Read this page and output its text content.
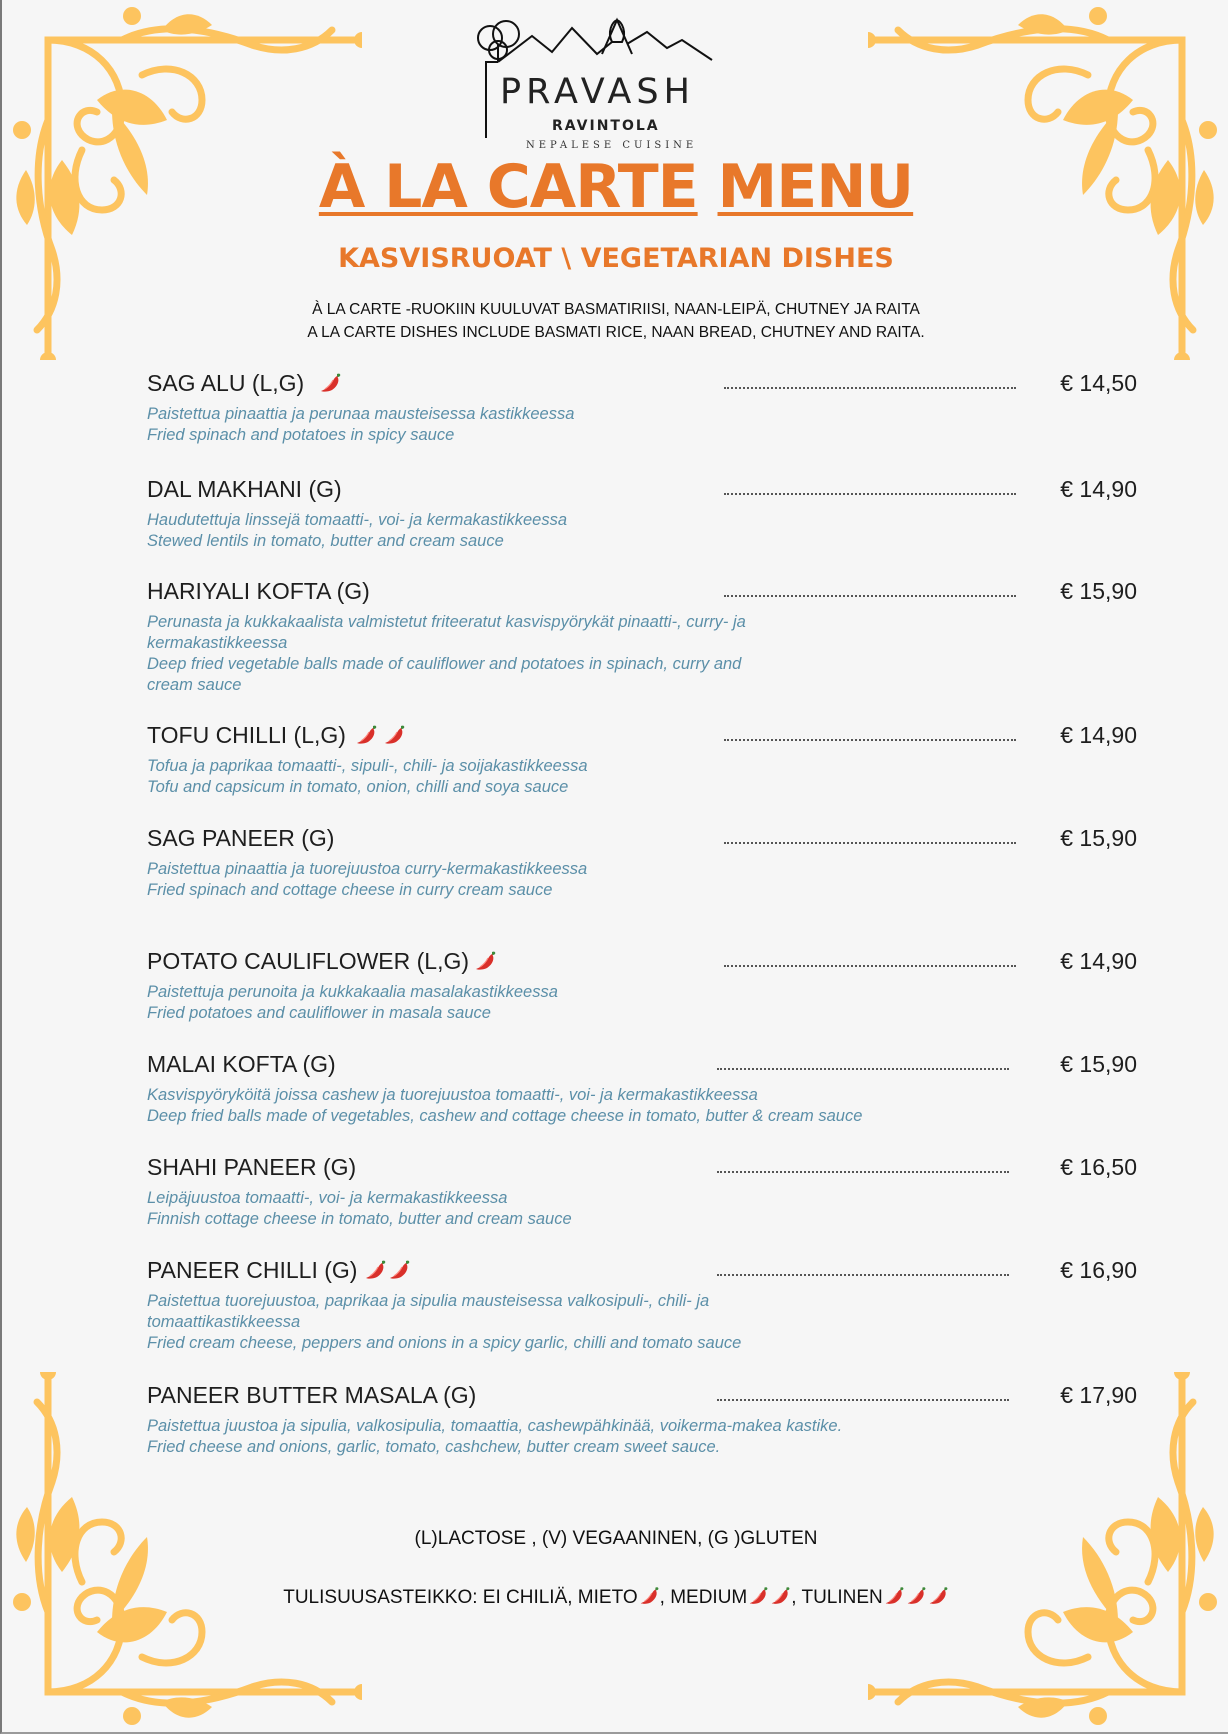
PRAVASH
RAVINTOLA
NEPALESE CUISINE
À LA CARTE MENU
KASVISRUOAT \ VEGETARIAN DISHES
À LA CARTE -RUOKIIN KUULUVAT BASMATIRIISI, NAAN-LEIPÄ, CHUTNEY JA RAITA
A LA CARTE DISHES INCLUDE BASMATI RICE, NAAN BREAD, CHUTNEY AND RAITA.
SAG ALU (L,G)	€ 14,50
Paistettua pinaattia ja perunaa mausteisessa kastikkeessa
Fried spinach and potatoes in spicy sauce
DAL MAKHANI (G)	€ 14,90
Haudutettuja linssejä tomaatti-, voi- ja kermakastikkeessa
Stewed lentils in tomato, butter and cream sauce
HARIYALI KOFTA (G)	€ 15,90
Perunasta ja kukkakaalista valmistetut friteeratut kasvispyörykät pinaatti-, curry- ja kermakastikkeessa
Deep fried vegetable balls made of cauliflower and potatoes in spinach, curry and cream sauce
TOFU CHILLI (L,G)	€ 14,90
Tofua ja paprikaa tomaatti-, sipuli-, chili- ja soijakastikkeessa
Tofu and capsicum in tomato, onion, chilli and soya sauce
SAG PANEER (G)	€ 15,90
Paistettua pinaattia ja tuorejuustoa curry-kermakastikkeessa
Fried spinach and cottage cheese in curry cream sauce
POTATO CAULIFLOWER (L,G)	€ 14,90
Paistettuja perunoita ja kukkakaalia masalakastikkeessa
Fried potatoes and cauliflower in masala sauce
MALAI KOFTA (G)	€ 15,90
Kasvispyöryköitä joissa cashew ja tuorejuustoa tomaatti-, voi- ja kermakastikkeessa
Deep fried balls made of vegetables, cashew and cottage cheese in tomato, butter & cream sauce
SHAHI PANEER (G)	€ 16,50
Leipäjuustoa tomaatti-, voi- ja kermakastikkeessa
Finnish cottage cheese in tomato, butter and cream sauce
PANEER CHILLI (G)	€ 16,90
Paistettua tuorejuustoa, paprikaa ja sipulia mausteisessa valkosipuli-, chili- ja tomaattikastikkeessa
Fried cream cheese, peppers and onions in a spicy garlic, chilli and tomato sauce
PANEER BUTTER MASALA (G)	€ 17,90
Paistettua juustoa ja sipulia, valkosipulia, tomaattia, cashewpähkinää, voikerma-makea kastike.
Fried cheese and onions, garlic, tomato, cashchew, butter cream sweet sauce.
(L)LACTOSE , (V) VEGAANINEN, (G )GLUTEN
TULISUUSASTEIKKO: EI CHILIÄ, MIETO , MEDIUM , TULINEN
